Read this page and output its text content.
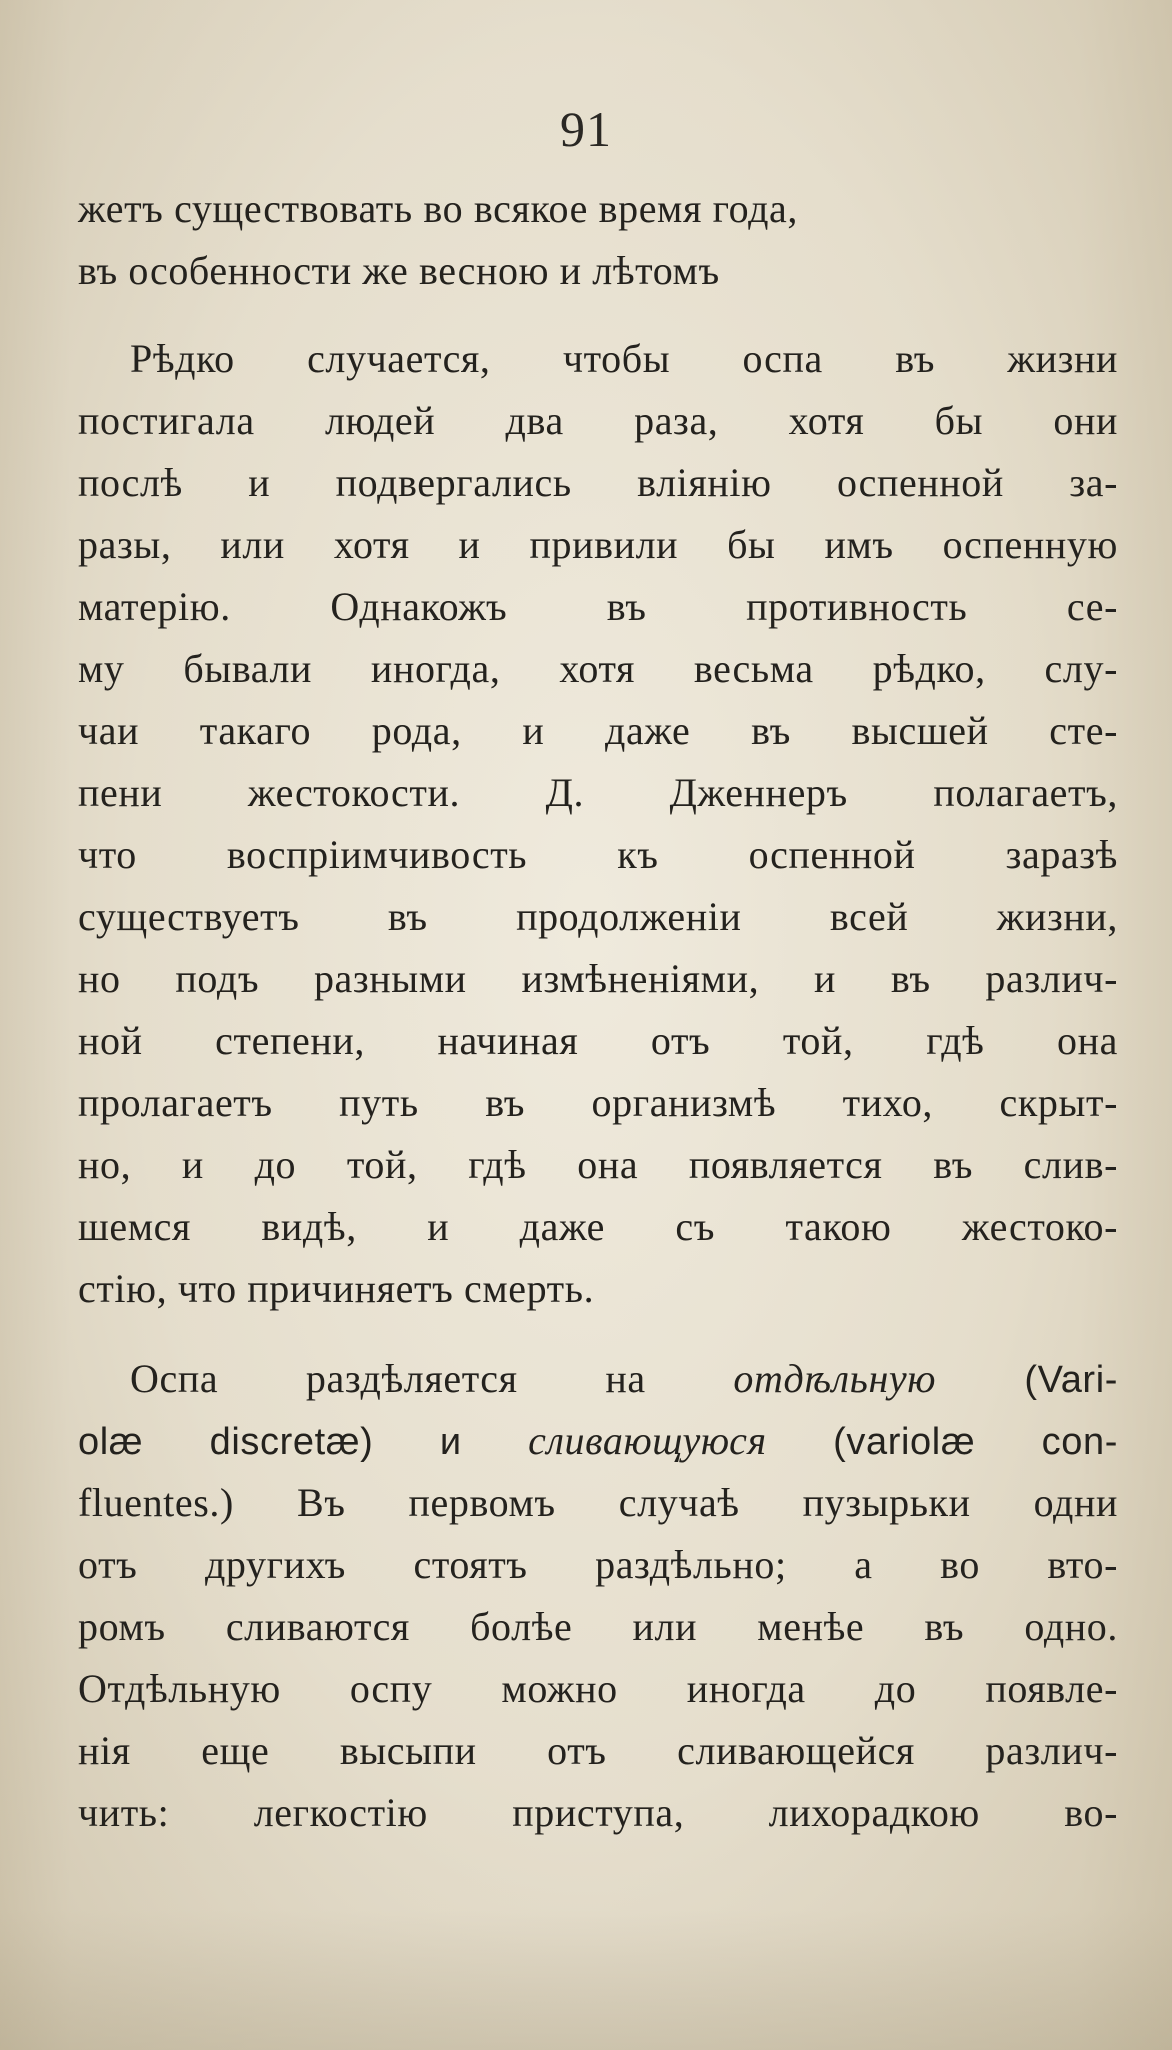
91
жетъ существовать во всякое время года,
въ особенности же весною и лѣтомъ
Рѣдко случается, чтобы оспа въ жизни
постигала людей два раза, хотя бы они
послѣ и подвергались вліянію оспенной за-
разы, или хотя и привили бы имъ оспенную
матерію. Однакожъ въ противность се-
му бывали иногда, хотя весьма рѣдко, слу-
чаи такаго рода, и даже въ высшей сте-
пени жестокости. Д. Дженнеръ полагаетъ,
что воспріимчивость къ оспенной заразѣ
существуетъ въ продолженіи всей жизни,
но подъ разными измѣненіями, и въ различ-
ной степени, начиная отъ той, гдѣ она
пролагаетъ путь въ организмѣ тихо, скрыт-
но, и до той, гдѣ она появляется въ слив-
шемся видѣ, и даже съ такою жестоко-
стію, что причиняетъ смерть.
Оспа раздѣляется на отдѣльную (Vari-
olæ discretæ) и сливающуюся (variolæ con-
fluentes.) Въ первомъ случаѣ пузырьки одни
отъ другихъ стоятъ раздѣльно; а во вто-
ромъ сливаются болѣе или менѣе въ одно.
Отдѣльную оспу можно иногда до появле-
нія еще высыпи отъ сливающейся различ-
чить: легкостію приступа, лихорадкою во-
